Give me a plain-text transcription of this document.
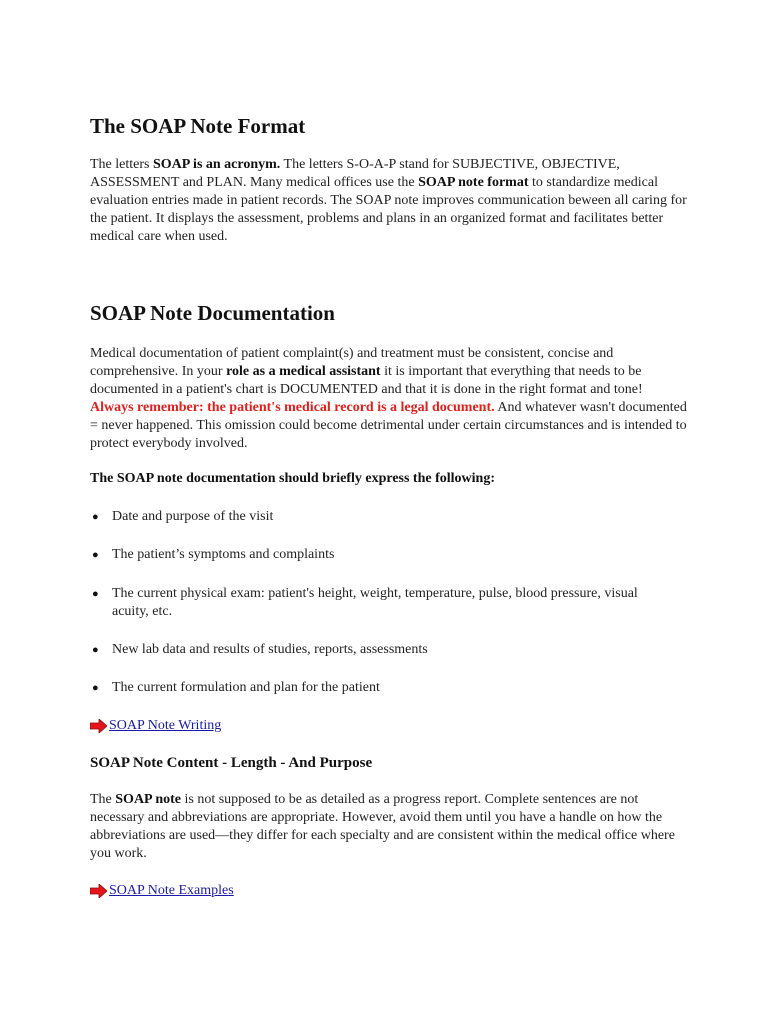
The SOAP Note Format

The letters SOAP is an acronym. The letters S-O-A-P stand for SUBJECTIVE, OBJECTIVE, ASSESSMENT and PLAN. Many medical offices use the SOAP note format to standardize medical evaluation entries made in patient records. The SOAP note improves communication beween all caring for the patient. It displays the assessment, problems and plans in an organized format and facilitates better medical care when used.

SOAP Note Documentation

Medical documentation of patient complaint(s) and treatment must be consistent, concise and comprehensive. In your role as a medical assistant it is important that everything that needs to be documented in a patient's chart is DOCUMENTED and that it is done in the right format and tone! Always remember: the patient's medical record is a legal document. And whatever wasn't documented = never happened. This omission could become detrimental under certain circumstances and is intended to protect everybody involved.

The SOAP note documentation should briefly express the following:

● Date and purpose of the visit
● The patient’s symptoms and complaints
● The current physical exam: patient's height, weight, temperature, pulse, blood pressure, visual acuity, etc.
● New lab data and results of studies, reports, assessments
● The current formulation and plan for the patient
SOAP Note Writing
SOAP Note Content - Length - And Purpose

The SOAP note is not supposed to be as detailed as a progress report. Complete sentences are not necessary and abbreviations are appropriate. However, avoid them until you have a handle on how the abbreviations are used—they differ for each specialty and are consistent within the medical office where you work.

SOAP Note Examples
